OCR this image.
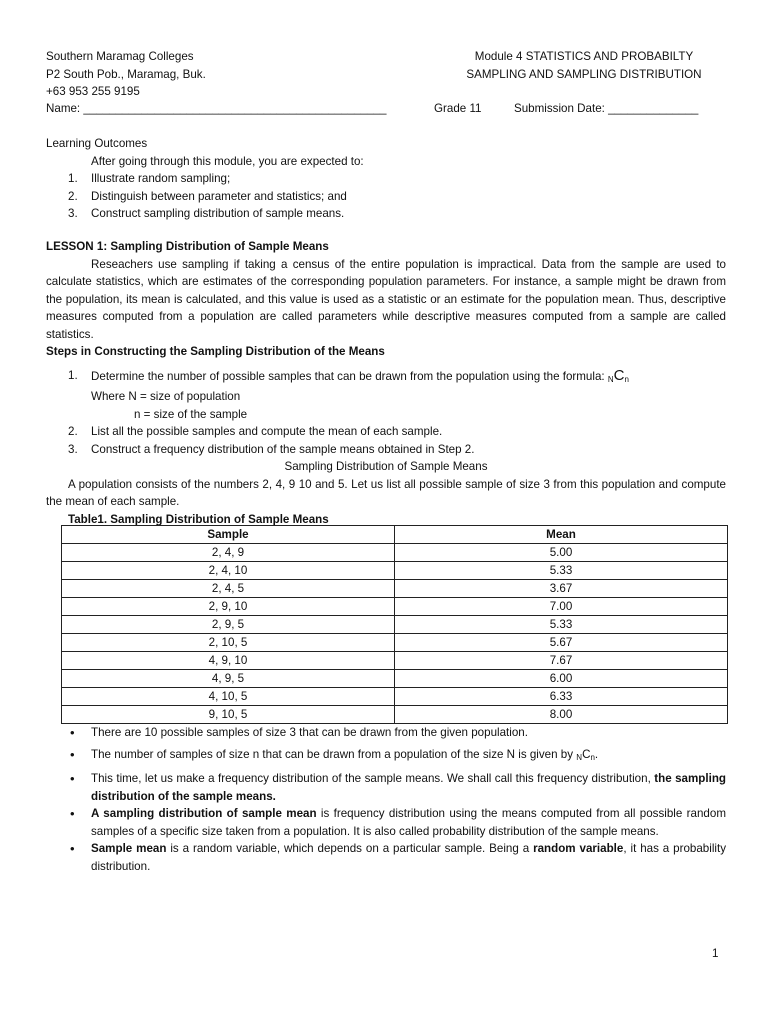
Southern Maramag Colleges
P2 South Pob., Maramag, Buk.
+63 953 255 9195
Module 4 STATISTICS AND PROBABILTY
SAMPLING AND SAMPLING DISTRIBUTION
Name: _______________________________________________	Grade 11	Submission Date: ______________
Learning Outcomes
After going through this module, you are expected to:
1. Illustrate random sampling;
2. Distinguish between parameter and statistics; and
3. Construct sampling distribution of sample means.
LESSON 1: Sampling Distribution of Sample Means
Reseachers use sampling if taking a census of the entire population is impractical. Data from the sample are used to calculate statistics, which are estimates of the corresponding population parameters. For instance, a sample might be drawn from the population, its mean is calculated, and this value is used as a statistic or an estimate for the population mean. Thus, descriptive measures computed from a population are called parameters while descriptive measures computed from a sample are called statistics.
Steps in Constructing the Sampling Distribution of the Means
1. Determine the number of possible samples that can be drawn from the population using the formula: $_NC_n$
Where N = size of population
n = size of the sample
2. List all the possible samples and compute the mean of each sample.
3. Construct a frequency distribution of the sample means obtained in Step 2.
Sampling Distribution of Sample Means
A population consists of the numbers 2, 4, 9 10 and 5. Let us list all possible sample of size 3 from this population and compute the mean of each sample.
Table1. Sampling Distribution of Sample Means
Sample	Mean
2, 4, 9	5.00
2, 4, 10	5.33
2, 4, 5	3.67
2, 9, 10	7.00
2, 9, 5	5.33
2, 10, 5	5.67
4, 9, 10	7.67
4, 9, 5	6.00
4, 10, 5	6.33
9, 10, 5	8.00
• There are 10 possible samples of size 3 that can be drawn from the given population.
• The number of samples of size n that can be drawn from a population of the size N is given by $_NC_n$.
• This time, let us make a frequency distribution of the sample means. We shall call this frequency distribution, the sampling distribution of the sample means.
• A sampling distribution of sample mean is frequency distribution using the means computed from all possible random samples of a specific size taken from a population. It is also called probability distribution of the sample means.
• Sample mean is a random variable, which depends on a particular sample. Being a random variable, it has a probability distribution.
1
